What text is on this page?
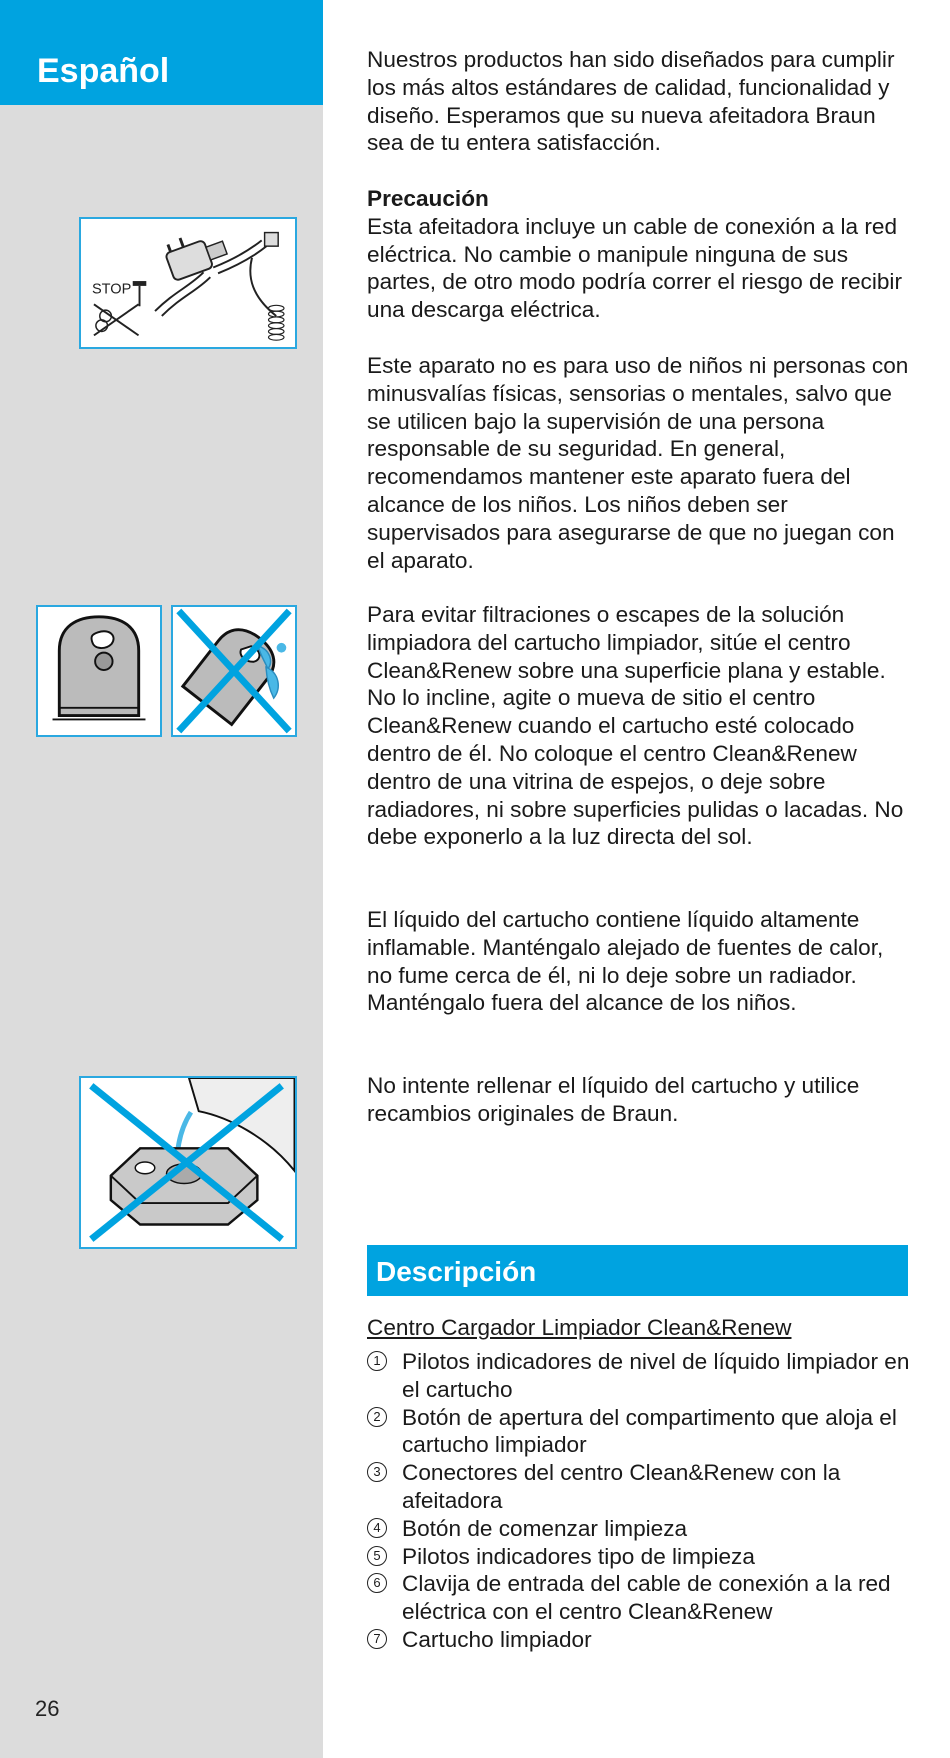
Español
STOP
26

Nuestros productos han sido diseñados para cumplir los más altos estándares de calidad, funcionalidad y diseño. Esperamos que su nueva afeitadora Braun sea de tu entera satisfacción.

Precaución

Esta afeitadora incluye un cable de conexión a la red eléctrica. No cambie o manipule ninguna de sus partes, de otro modo podría correr el riesgo de recibir una descarga eléctrica.

Este aparato no es para uso de niños ni personas con minusvalías físicas, sensorias o mentales, salvo que se utilicen bajo la supervisión de una persona responsable de su seguridad. En general, recomendamos mantener este aparato fuera del alcance de los niños. Los niños deben ser supervisados para asegurarse de que no juegan con el aparato.

Para evitar filtraciones o escapes de la solución limpiadora del cartucho limpiador, sitúe el centro Clean&Renew sobre una superficie plana y estable. No lo incline, agite o mueva de sitio el centro Clean&Renew cuando el cartucho esté colocado dentro de él. No coloque el centro Clean&Renew dentro de una vitrina de espejos, o deje sobre radiadores, ni sobre superficies pulidas o lacadas. No debe exponerlo a la luz directa del sol.

El líquido del cartucho contiene líquido altamente inflamable. Manténgalo alejado de fuentes de calor, no fume cerca de él, ni lo deje sobre un radiador. Manténgalo fuera del alcance de los niños.

No intente rellenar el líquido del cartucho y utilice recambios originales de Braun.

Descripción
Centro Cargador Limpiador Clean&Renew
1 Pilotos indicadores de nivel de líquido limpiador en el cartucho
2 Botón de apertura del compartimento que aloja el cartucho limpiador
3 Conectores del centro Clean&Renew con la afeitadora
4 Botón de comenzar limpieza
5 Pilotos indicadores tipo de limpieza
6 Clavija de entrada del cable de conexión a la red eléctrica con el centro Clean&Renew
7 Cartucho limpiador
